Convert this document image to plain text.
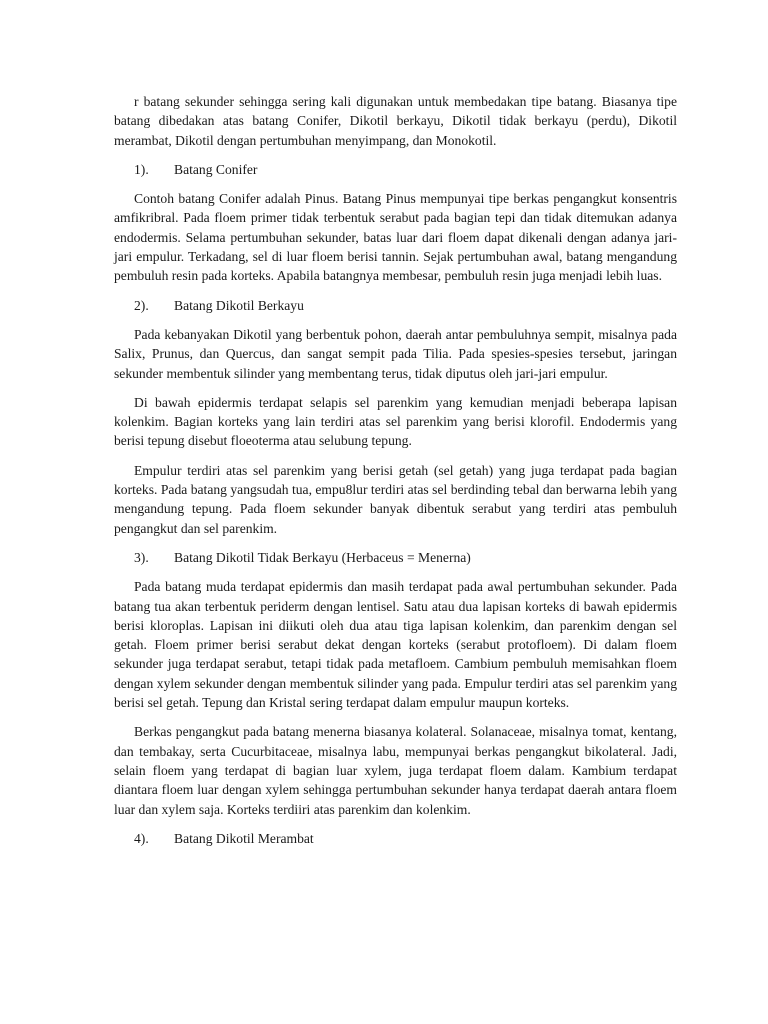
r batang sekunder sehingga sering kali digunakan untuk membedakan tipe batang. Biasanya tipe batang dibedakan atas batang Conifer, Dikotil berkayu, Dikotil tidak berkayu (perdu), Dikotil merambat, Dikotil dengan pertumbuhan menyimpang, dan Monokotil.

1).	Batang Conifer

Contoh batang Conifer adalah Pinus. Batang Pinus mempunyai tipe berkas pengangkut konsentris amfikribral. Pada floem primer tidak terbentuk serabut pada bagian tepi dan tidak ditemukan adanya endodermis. Selama pertumbuhan sekunder, batas luar dari floem dapat dikenali dengan adanya jari-jari empulur. Terkadang, sel di luar floem berisi tannin. Sejak pertumbuhan awal, batang mengandung pembuluh resin pada korteks. Apabila batangnya membesar, pembuluh resin juga menjadi lebih luas.

2).	Batang Dikotil Berkayu

Pada kebanyakan Dikotil yang berbentuk pohon, daerah antar pembuluhnya sempit, misalnya pada Salix, Prunus, dan Quercus, dan sangat sempit pada Tilia. Pada spesies-spesies tersebut, jaringan sekunder membentuk silinder yang membentang terus, tidak diputus oleh jari-jari empulur.

Di bawah epidermis terdapat selapis sel parenkim yang kemudian menjadi beberapa lapisan kolenkim. Bagian korteks yang lain terdiri atas sel parenkim yang berisi klorofil. Endodermis yang berisi tepung disebut floeoterma atau selubung tepung.

Empulur terdiri atas sel parenkim yang berisi getah (sel getah) yang juga terdapat pada bagian korteks. Pada batang yangsudah tua, empu8lur terdiri atas sel berdinding tebal dan berwarna lebih yang mengandung tepung. Pada floem sekunder banyak dibentuk serabut yang terdiri atas pembuluh pengangkut dan sel parenkim.

3).	Batang Dikotil Tidak Berkayu (Herbaceus = Menerna)

Pada batang muda terdapat epidermis dan masih terdapat pada awal pertumbuhan sekunder. Pada batang tua akan terbentuk periderm dengan lentisel. Satu atau dua lapisan korteks di bawah epidermis berisi kloroplas. Lapisan ini diikuti oleh dua atau tiga lapisan kolenkim, dan parenkim dengan sel getah. Floem primer berisi serabut dekat dengan korteks (serabut protofloem). Di dalam floem sekunder juga terdapat serabut, tetapi tidak pada metafloem. Cambium pembuluh memisahkan floem dengan xylem sekunder dengan membentuk silinder yang pada. Empulur terdiri atas sel parenkim yang berisi sel getah. Tepung dan Kristal sering terdapat dalam empulur maupun korteks.

Berkas pengangkut pada batang menerna biasanya kolateral. Solanaceae, misalnya tomat, kentang, dan tembakay, serta Cucurbitaceae, misalnya labu, mempunyai berkas pengangkut bikolateral. Jadi, selain floem yang terdapat di bagian luar xylem, juga terdapat floem dalam. Kambium terdapat diantara floem luar dengan xylem sehingga pertumbuhan sekunder hanya terdapat daerah antara floem luar dan xylem saja. Korteks terdiiri atas parenkim dan kolenkim.

4).	Batang Dikotil Merambat
